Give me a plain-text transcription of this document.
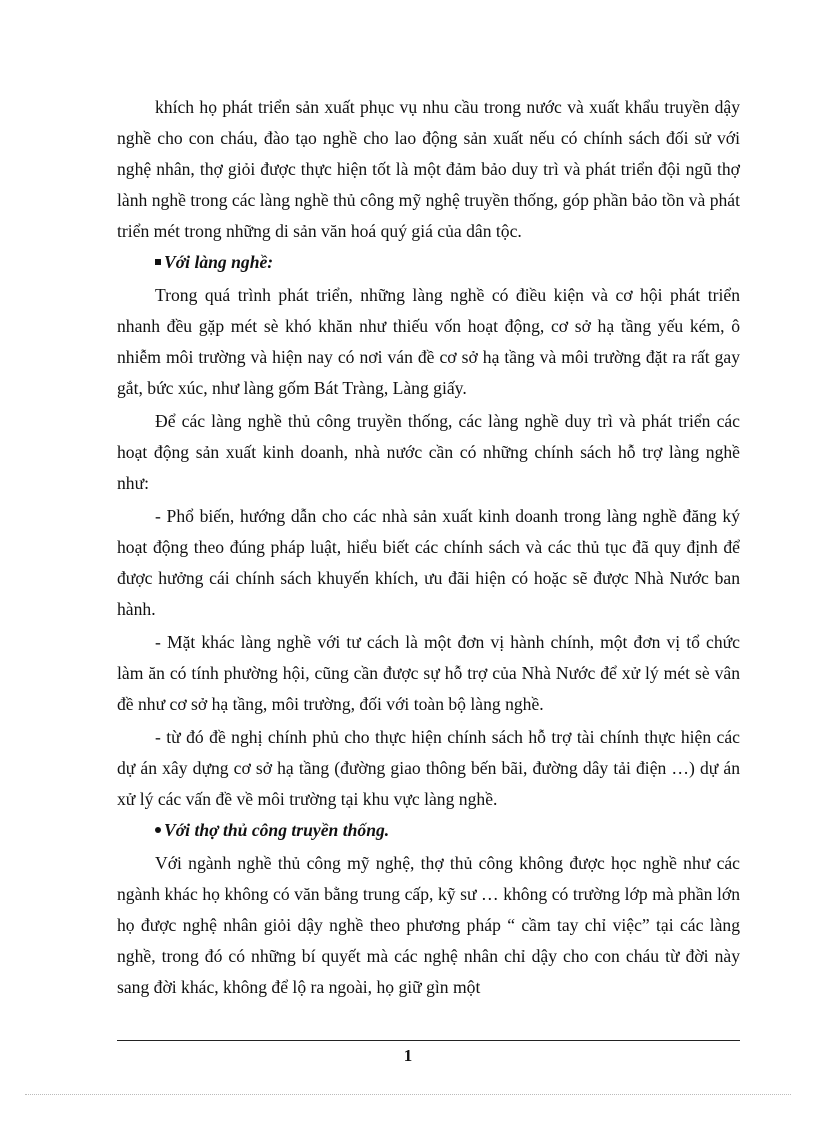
khích họ phát triển sản xuất phục vụ nhu cầu trong nước và xuất khẩu truyền dậy nghề cho con cháu, đào tạo nghề cho lao động sản xuất nếu có chính sách đối sử với nghệ nhân, thợ giỏi được thực hiện tốt là một đảm bảo duy trì và phát triển đội ngũ thợ lành nghề trong các làng nghề thủ công mỹ nghệ truyền thống, góp phần bảo tồn và phát triển mét trong những di sản văn hoá quý giá của dân tộc.

Với làng nghề:

Trong quá trình phát triển, những làng nghề có điều kiện và cơ hội phát triển nhanh đều gặp mét sè khó khăn như thiếu vốn hoạt động, cơ sở hạ tầng yếu kém, ô nhiễm môi trường và hiện nay có nơi ván đề cơ sở hạ tầng và môi trường đặt ra rất gay gắt, bức xúc, như làng gốm Bát Tràng, Làng giấy.

Để các làng nghề thủ công truyền thống, các làng nghề duy trì và phát triển các hoạt động sản xuất kinh doanh, nhà nước cần có những chính sách hỗ trợ làng nghề như:

- Phổ biến, hướng dẫn cho các nhà sản xuất kinh doanh trong làng nghề đăng ký hoạt động theo đúng pháp luật, hiểu biết các chính sách và các thủ tục đã quy định để được hưởng cái chính sách khuyến khích, ưu đãi hiện có hoặc sẽ được Nhà Nước ban hành.

- Mặt khác làng nghề với tư cách là một đơn vị hành chính, một đơn vị tổ chức làm ăn có tính phường hội, cũng cần được sự hỗ trợ của Nhà Nước để xử lý mét sè vân đề như cơ sở hạ tầng, môi trường, đối với toàn bộ làng nghề.

- từ đó đề nghị chính phủ cho thực hiện chính sách hỗ trợ tài chính thực hiện các dự án xây dựng cơ sở hạ tầng (đường giao thông bến bãi, đường dây tải điện …) dự án xử lý các vấn đề về môi trường tại khu vực làng nghề.

Với thợ thủ công truyền thống.

Với ngành nghề thủ công mỹ nghệ, thợ thủ công không được học nghề như các ngành khác họ không có văn bằng trung cấp, kỹ sư … không có trường lớp mà phần lớn họ được nghệ nhân giỏi dậy nghề theo phương pháp “ cầm tay chỉ việc” tại các làng nghề, trong đó có những bí quyết mà các nghệ nhân chỉ dậy cho con cháu từ đời này sang đời khác, không để lộ ra ngoài, họ giữ gìn một

1
